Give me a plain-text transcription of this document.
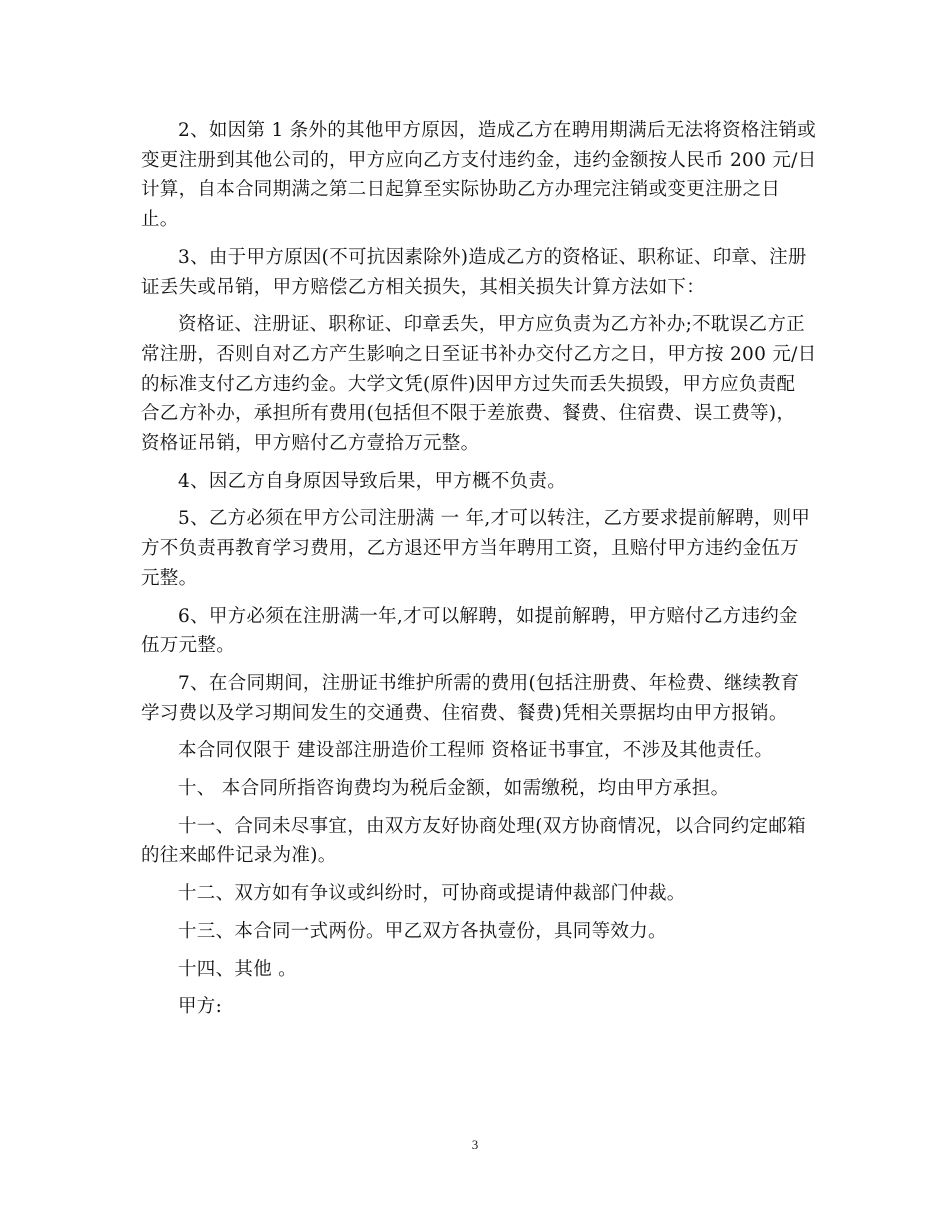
2、如因第 1 条外的其他甲方原因，造成乙方在聘用期满后无法将资格注销或
变更注册到其他公司的，甲方应向乙方支付违约金，违约金额按人民币 200 元/日
计算，自本合同期满之第二日起算至实际协助乙方办理完注销或变更注册之日
止。
3、由于甲方原因(不可抗因素除外)造成乙方的资格证、职称证、印章、注册
证丢失或吊销，甲方赔偿乙方相关损失，其相关损失计算方法如下：
资格证、注册证、职称证、印章丢失，甲方应负责为乙方补办;不耽误乙方正
常注册，否则自对乙方产生影响之日至证书补办交付乙方之日，甲方按 200 元/日
的标准支付乙方违约金。大学文凭(原件)因甲方过失而丢失损毁，甲方应负责配
合乙方补办，承担所有费用(包括但不限于差旅费、餐费、住宿费、误工费等)，
资格证吊销，甲方赔付乙方壹拾万元整。
4、因乙方自身原因导致后果，甲方概不负责。
5、乙方必须在甲方公司注册满 一 年,才可以转注，乙方要求提前解聘，则甲
方不负责再教育学习费用，乙方退还甲方当年聘用工资，且赔付甲方违约金伍万
元整。
6、甲方必须在注册满一年,才可以解聘，如提前解聘，甲方赔付乙方违约金
伍万元整。
7、在合同期间，注册证书维护所需的费用(包括注册费、年检费、继续教育
学习费以及学习期间发生的交通费、住宿费、餐费)凭相关票据均由甲方报销。
本合同仅限于 建设部注册造价工程师 资格证书事宜，不涉及其他责任。
十、 本合同所指咨询费均为税后金额，如需缴税，均由甲方承担。
十一、合同未尽事宜，由双方友好协商处理(双方协商情况，以合同约定邮箱
的往来邮件记录为准)。
十二、双方如有争议或纠纷时，可协商或提请仲裁部门仲裁。
十三、本合同一式两份。甲乙双方各执壹份，具同等效力。
十四、其他 。
甲方:
3
